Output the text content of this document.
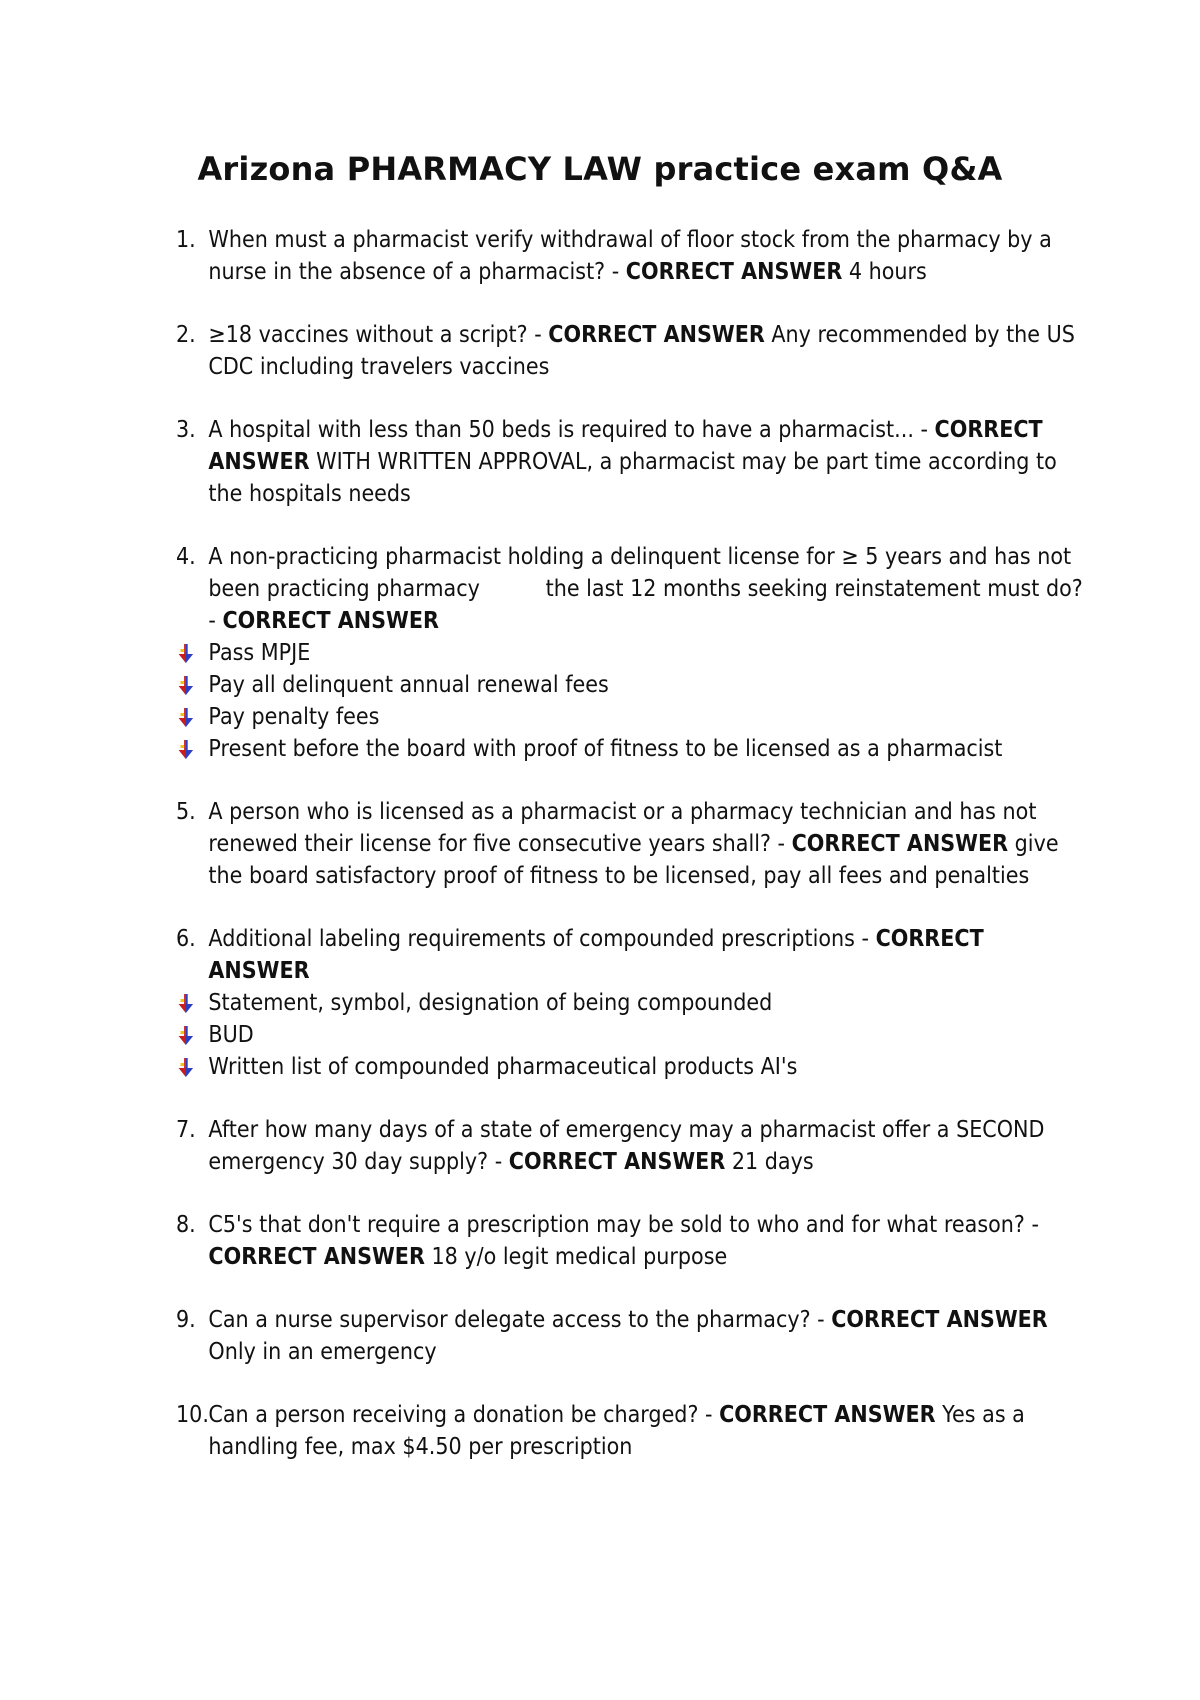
Arizona PHARMACY LAW practice exam Q&A
1. When must a pharmacist verify withdrawal of floor stock from the pharmacy by a nurse in the absence of a pharmacist? - CORRECT ANSWER 4 hours
2. ≥18 vaccines without a script? - CORRECT ANSWER Any recommended by the US CDC including travelers vaccines
3. A hospital with less than 50 beds is required to have a pharmacist... - CORRECT ANSWER WITH WRITTEN APPROVAL, a pharmacist may be part time according to the hospitals needs
4. A non-practicing pharmacist holding a delinquent license for ≥ 5 years and has not been practicing pharmacy          the last 12 months seeking reinstatement must do? - CORRECT ANSWER
Pass MPJE
Pay all delinquent annual renewal fees
Pay penalty fees
Present before the board with proof of fitness to be licensed as a pharmacist
5. A person who is licensed as a pharmacist or a pharmacy technician and has not renewed their license for five consecutive years shall? - CORRECT ANSWER give the board satisfactory proof of fitness to be licensed, pay all fees and penalties
6. Additional labeling requirements of compounded prescriptions - CORRECT ANSWER
Statement, symbol, designation of being compounded
BUD
Written list of compounded pharmaceutical products AI's
7. After how many days of a state of emergency may a pharmacist offer a SECOND emergency 30 day supply? - CORRECT ANSWER 21 days
8. C5's that don't require a prescription may be sold to who and for what reason? - CORRECT ANSWER 18 y/o legit medical purpose
9. Can a nurse supervisor delegate access to the pharmacy? - CORRECT ANSWER Only in an emergency
10. Can a person receiving a donation be charged? - CORRECT ANSWER Yes as a handling fee, max $4.50 per prescription
